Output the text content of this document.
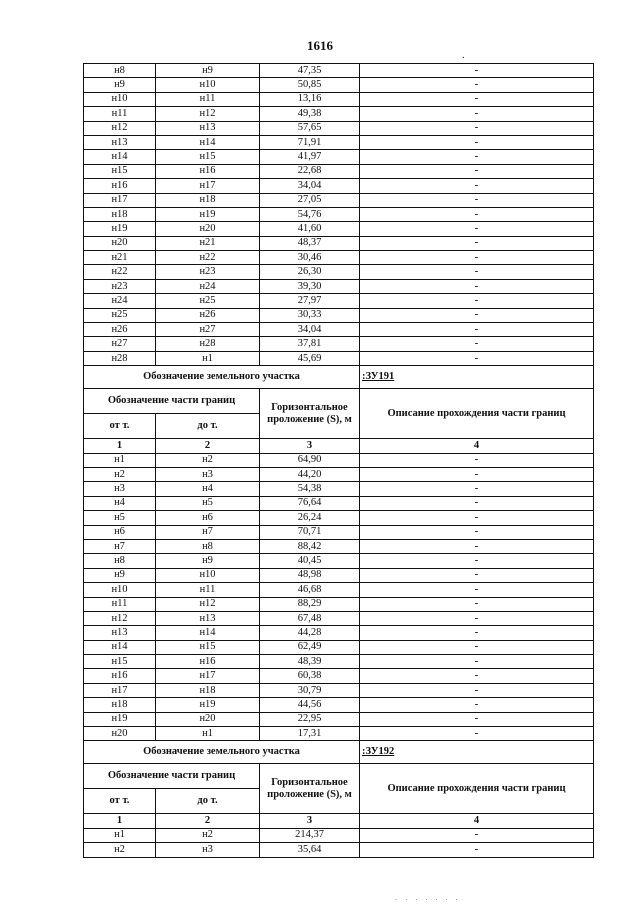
1616
.
н8	н9	47,35	-
н9	н10	50,85	-
н10	н11	13,16	-
н11	н12	49,38	-
н12	н13	57,65	-
н13	н14	71,91	-
н14	н15	41,97	-
н15	н16	22,68	-
н16	н17	34,04	-
н17	н18	27,05	-
н18	н19	54,76	-
н19	н20	41,60	-
н20	н21	48,37	-
н21	н22	30,46	-
н22	н23	26,30	-
н23	н24	39,30	-
н24	н25	27,97	-
н25	н26	30,33	-
н26	н27	34,04	-
н27	н28	37,81	-
н28	н1	45,69	-
Обозначение земельного участка			:ЗУ191
Обозначение части границ		Горизонтальное проложение (S), м	Описание прохождения части границ
от т.	до т.		
1	2	3	4
н1	н2	64,90	-
н2	н3	44,20	-
н3	н4	54,38	-
н4	н5	76,64	-
н5	н6	26,24	-
н6	н7	70,71	-
н7	н8	88,42	-
н8	н9	40,45	-
н9	н10	48,98	-
н10	н11	46,68	-
н11	н12	88,29	-
н12	н13	67,48	-
н13	н14	44,28	-
н14	н15	62,49	-
н15	н16	48,39	-
н16	н17	60,38	-
н17	н18	30,79	-
н18	н19	44,56	-
н19	н20	22,95	-
н20	н1	17,31	-
Обозначение земельного участка			:ЗУ192
Обозначение части границ		Горизонтальное проложение (S), м	Описание прохождения части границ
от т.	до т.		
1	2	3	4
н1	н2	214,37	-
н2	н3	35,64	-
· · · · · · ·
